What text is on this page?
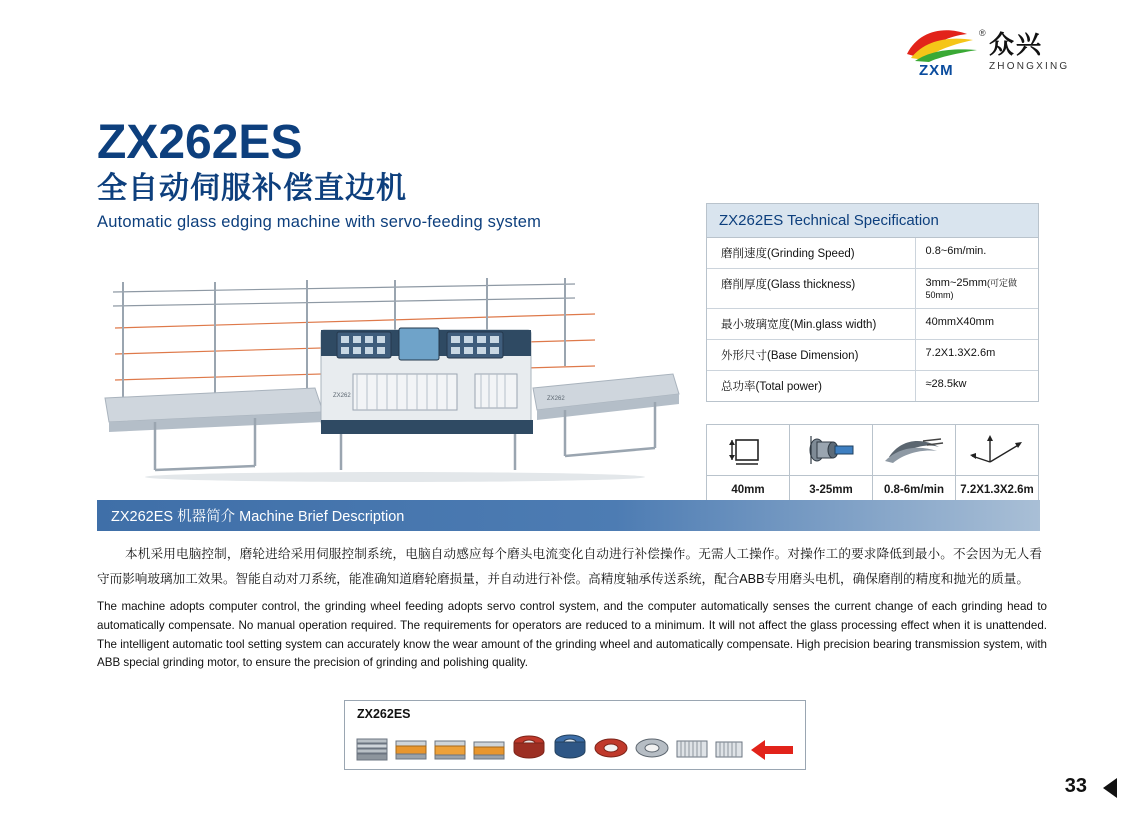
ZXM
® 众兴
ZHONGXING
ZX262ES
全自动伺服补偿直边机
Automatic glass edging machine with servo-feeding system
ZX262	ZX262
ZX262ES Technical Specification
磨削速度(Grinding Speed)	0.8~6m/min.
磨削厚度(Glass thickness)	3mm~25mm(可定做50mm)
最小玻璃宽度(Min.glass width)	40mmX40mm
外形尺寸(Base Dimension)	7.2X1.3X2.6m
总功率(Total power)	≈28.5kw
40mm	3-25mm	0.8-6m/min	7.2X1.3X2.6m
ZX262ES 机器简介 Machine Brief Description
本机采用电脑控制，磨轮进给采用伺服控制系统，电脑自动感应每个磨头电流变化自动进行补偿操作。无需人工操作。对操作工的要求降低到最小。不会因为无人看守而影响玻璃加工效果。智能自动对刀系统，能准确知道磨轮磨损量，并自动进行补偿。高精度轴承传送系统，配合ABB专用磨头电机，确保磨削的精度和抛光的质量。
The machine adopts computer control, the grinding wheel feeding adopts servo control system, and the computer automatically senses the current change of each grinding head to automatically compensate. No manual operation required. The requirements for operators are reduced to a minimum. It will not affect the glass processing effect when it is unattended. The intelligent automatic tool setting system can accurately know the wear amount of the grinding wheel and automatically compensate. High precision bearing transmission system, with ABB special grinding motor, to ensure the precision of grinding and polishing quality.
ZX262ES
33
